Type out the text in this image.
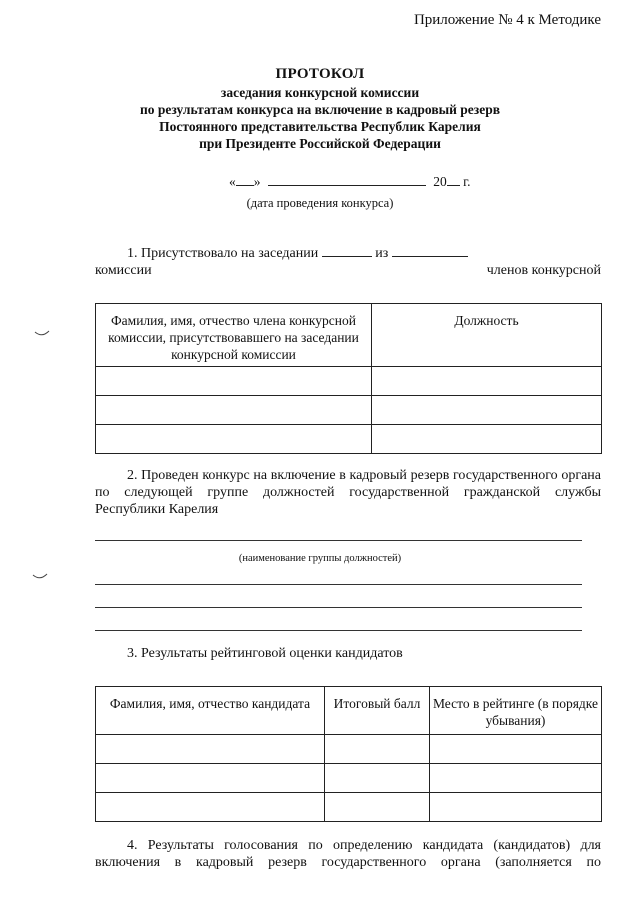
Приложение № 4 к Методике
ПРОТОКОЛ
заседания конкурсной комиссии
по результатам конкурса на включение в кадровый резерв
Постоянного представительства Республик Карелия
при Президенте Российской Федерации
« »	20 г.
(дата проведения конкурса)
1. Присутствовало на заседании	из
членов конкурсной

комиссии
Фамилия, имя, отчество члена конкурсной комиссии, присутствовавшего на заседании конкурсной комиссии	Должность

2. Проведен конкурс на включение в кадровый резерв государственного органа по следующей группе должностей государственной гражданской службы Республики Карелия
(наименование группы должностей)
3. Результаты рейтинговой оценки кандидатов
Фамилия, имя, отчество кандидата	Итоговый балл	Место в рейтинге (в порядке убывания)

4. Результаты голосования по определению кандидата (кандидатов) для включения в кадровый резерв государственного органа (заполняется по
